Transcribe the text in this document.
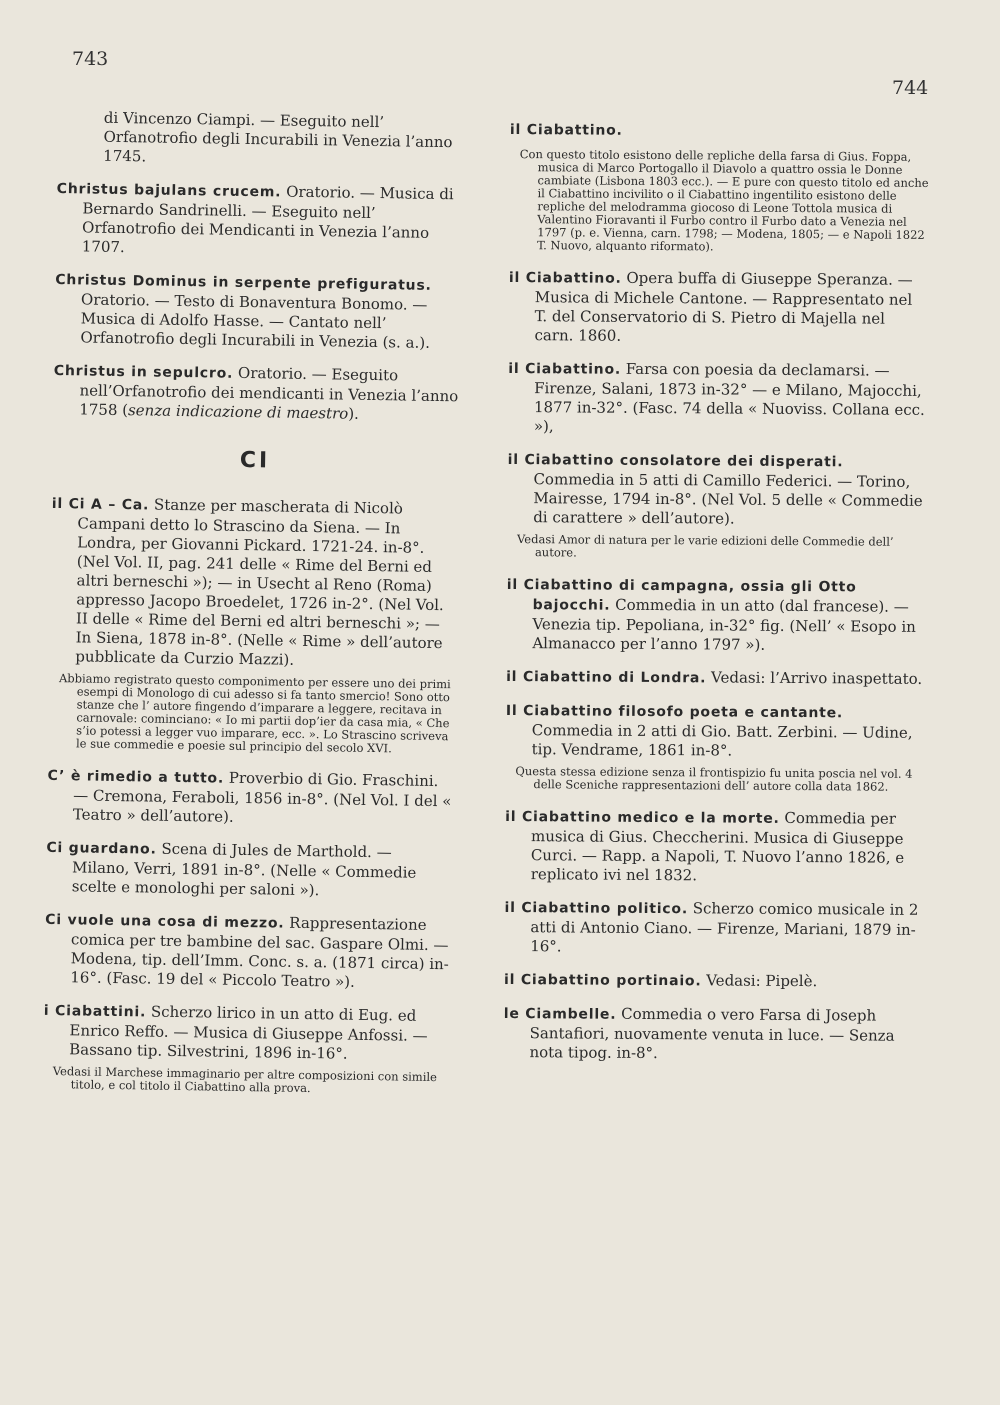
743
744

di Vincenzo Ciampi. — Eseguito nell’ Orfanotrofio degli Incurabili in Venezia l’anno 1745.

Christus bajulans crucem. Oratorio. — Musica di Bernardo Sandrinelli. — Eseguito nell’ Orfanotrofio dei Mendicanti in Venezia l’anno 1707.

Christus Dominus in serpente prefiguratus. Oratorio. — Testo di Bonaventura Bonomo. — Musica di Adolfo Hasse. — Cantato nell’ Orfanotrofio degli Incurabili in Venezia (s. a.).

Christus in sepulcro. Oratorio. — Eseguito nell’Orfanotrofio dei mendicanti in Venezia l’anno 1758 (senza indicazione di maestro).

CI

il Ci A – Ca. Stanze per mascherata di Nicolò Campani detto lo Strascino da Siena. — In Londra, per Giovanni Pickard. 1721-24. in-8°. (Nel Vol. II, pag. 241 delle « Rime del Berni ed altri berneschi »); — in Usecht al Reno (Roma) appresso Jacopo Broedelet, 1726 in-2°. (Nel Vol. II delle « Rime del Berni ed altri berneschi »; — In Siena, 1878 in-8°. (Nelle « Rime » dell’autore pubblicate da Curzio Mazzi).

Abbiamo registrato questo componimento per essere uno dei primi esempi di Monologo di cui adesso si fa tanto smercio! Sono otto stanze che l’ autore fingendo d’imparare a leggere, recitava in carnovale: cominciano: « Io mi partii dop’ier da casa mia, « Che s’io potessi a legger vuo imparare, ecc. ». Lo Strascino scriveva le sue commedie e poesie sul principio del secolo XVI.

C’ è rimedio a tutto. Proverbio di Gio. Fraschini. — Cremona, Feraboli, 1856 in-8°. (Nel Vol. I del « Teatro » dell’autore).

Ci guardano. Scena di Jules de Marthold. — Milano, Verri, 1891 in-8°. (Nelle « Commedie scelte e monologhi per saloni »).

Ci vuole una cosa di mezzo. Rappresentazione comica per tre bambine del sac. Gaspare Olmi. — Modena, tip. dell’Imm. Conc. s. a. (1871 circa) in-16°. (Fasc. 19 del « Piccolo Teatro »).

i Ciabattini. Scherzo lirico in un atto di Eug. ed Enrico Reffo. — Musica di Giuseppe Anfossi. — Bassano tip. Silvestrini, 1896 in-16°.

Vedasi il Marchese immaginario per altre composizioni con simile titolo, e col titolo il Ciabattino alla prova.

il Ciabattino.

Con questo titolo esistono delle repliche della farsa di Gius. Foppa, musica di Marco Portogallo il Diavolo a quattro ossia le Donne cambiate (Lisbona 1803 ecc.). — E pure con questo titolo ed anche il Ciabattino incivilito o il Ciabattino ingentilito esistono delle repliche del melodramma giocoso di Leone Tottola musica di Valentino Fioravanti il Furbo contro il Furbo dato a Venezia nel 1797 (p. e. Vienna, carn. 1798; — Modena, 1805; — e Napoli 1822 T. Nuovo, alquanto riformato).

il Ciabattino. Opera buffa di Giuseppe Speranza. — Musica di Michele Cantone. — Rappresentato nel T. del Conservatorio di S. Pietro di Majella nel carn. 1860.

il Ciabattino. Farsa con poesia da declamarsi. — Firenze, Salani, 1873 in-32° — e Milano, Majocchi, 1877 in-32°. (Fasc. 74 della « Nuoviss. Collana ecc. »),

il Ciabattino consolatore dei disperati. Commedia in 5 atti di Camillo Federici. — Torino, Mairesse, 1794 in-8°. (Nel Vol. 5 delle « Commedie di carattere » dell’autore).

Vedasi Amor di natura per le varie edizioni delle Commedie dell’ autore.

il Ciabattino di campagna, ossia gli Otto bajocchi. Commedia in un atto (dal francese). — Venezia tip. Pepoliana, in-32° fig. (Nell’ « Esopo in Almanacco per l’anno 1797 »).

il Ciabattino di Londra. Vedasi: l’Arrivo inaspettato.

Il Ciabattino filosofo poeta e cantante. Commedia in 2 atti di Gio. Batt. Zerbini. — Udine, tip. Vendrame, 1861 in-8°.

Questa stessa edizione senza il frontispizio fu unita poscia nel vol. 4 delle Sceniche rappresentazioni dell’ autore colla data 1862.

il Ciabattino medico e la morte. Commedia per musica di Gius. Checcherini. Musica di Giuseppe Curci. — Rapp. a Napoli, T. Nuovo l’anno 1826, e replicato ivi nel 1832.

il Ciabattino politico. Scherzo comico musicale in 2 atti di Antonio Ciano. — Firenze, Mariani, 1879 in-16°.

il Ciabattino portinaio. Vedasi: Pipelè.

le Ciambelle. Commedia o vero Farsa di Joseph Santafiori, nuovamente venuta in luce. — Senza nota tipog. in-8°.
